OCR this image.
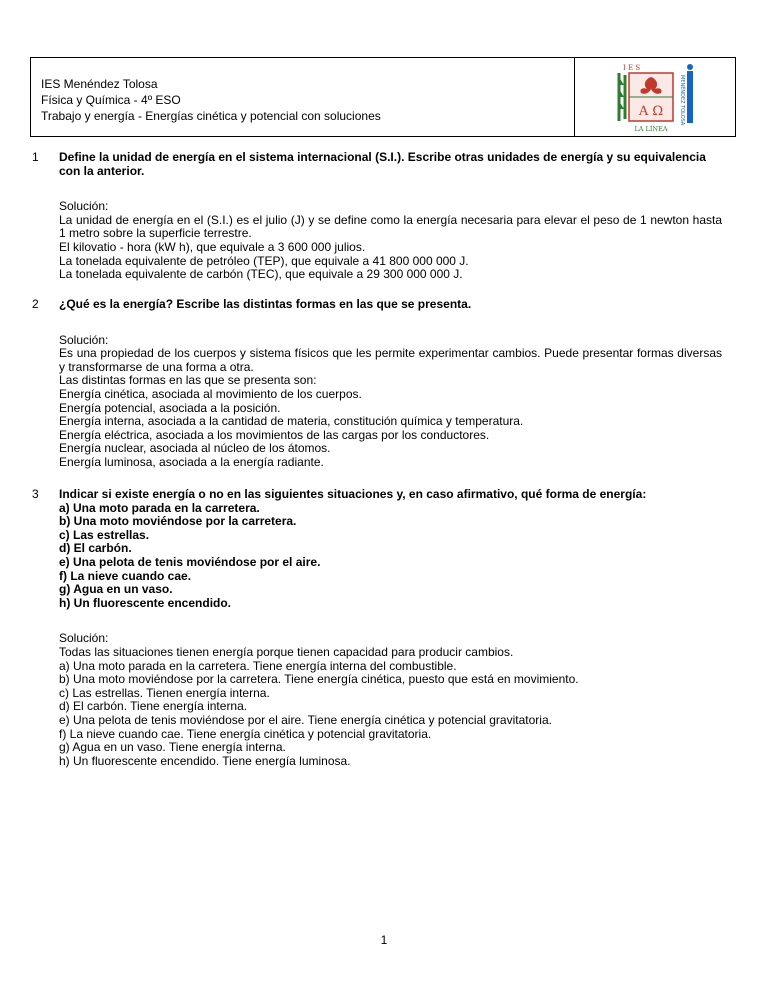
IES Menéndez Tolosa
Física y Química - 4º ESO
Trabajo y energía - Energías cinética y potencial con soluciones
I E S
A Ω	MENÉNDEZ TOLOSA
LA LÍNEA
1 Define la unidad de energía en el sistema internacional (S.I.). Escribe otras unidades de energía y su equivalencia con la anterior.
Solución:
La unidad de energía en el (S.I.) es el julio (J) y se define como la energía necesaria para elevar el peso de 1 newton hasta 1 metro sobre la superficie terrestre.
El kilovatio - hora (kW h), que equivale a 3 600 000 julios.
La tonelada equivalente de petróleo (TEP), que equivale a 41 800 000 000 J.
La tonelada equivalente de carbón (TEC), que equivale a 29 300 000 000 J.
2 ¿Qué es la energía? Escribe las distintas formas en las que se presenta.
Solución:
Es una propiedad de los cuerpos y sistema físicos que les permite experimentar cambios. Puede presentar formas diversas y transformarse de una forma a otra.
Las distintas formas en las que se presenta son:
Energía cinética, asociada al movimiento de los cuerpos.
Energía potencial, asociada a la posición.
Energía interna, asociada a la cantidad de materia, constitución química y temperatura.
Energía eléctrica, asociada a los movimientos de las cargas por los conductores.
Energía nuclear, asociada al núcleo de los átomos.
Energía luminosa, asociada a la energía radiante.
3 Indicar si existe energía o no en las siguientes situaciones y, en caso afirmativo, qué forma de energía:
a) Una moto parada en la carretera.
b) Una moto moviéndose por la carretera.
c) Las estrellas.
d) El carbón.
e) Una pelota de tenis moviéndose por el aire.
f) La nieve cuando cae.
g) Agua en un vaso.
h) Un fluorescente encendido.
Solución:
Todas las situaciones tienen energía porque tienen capacidad para producir cambios.
a) Una moto parada en la carretera. Tiene energía interna del combustible.
b) Una moto moviéndose por la carretera. Tiene energía cinética, puesto que está en movimiento.
c) Las estrellas. Tienen energía interna.
d) El carbón. Tiene energía interna.
e) Una pelota de tenis moviéndose por el aire. Tiene energía cinética y potencial gravitatoria.
f) La nieve cuando cae. Tiene energía cinética y potencial gravitatoria.
g) Agua en un vaso. Tiene energía interna.
h) Un fluorescente encendido. Tiene energía luminosa.
1
